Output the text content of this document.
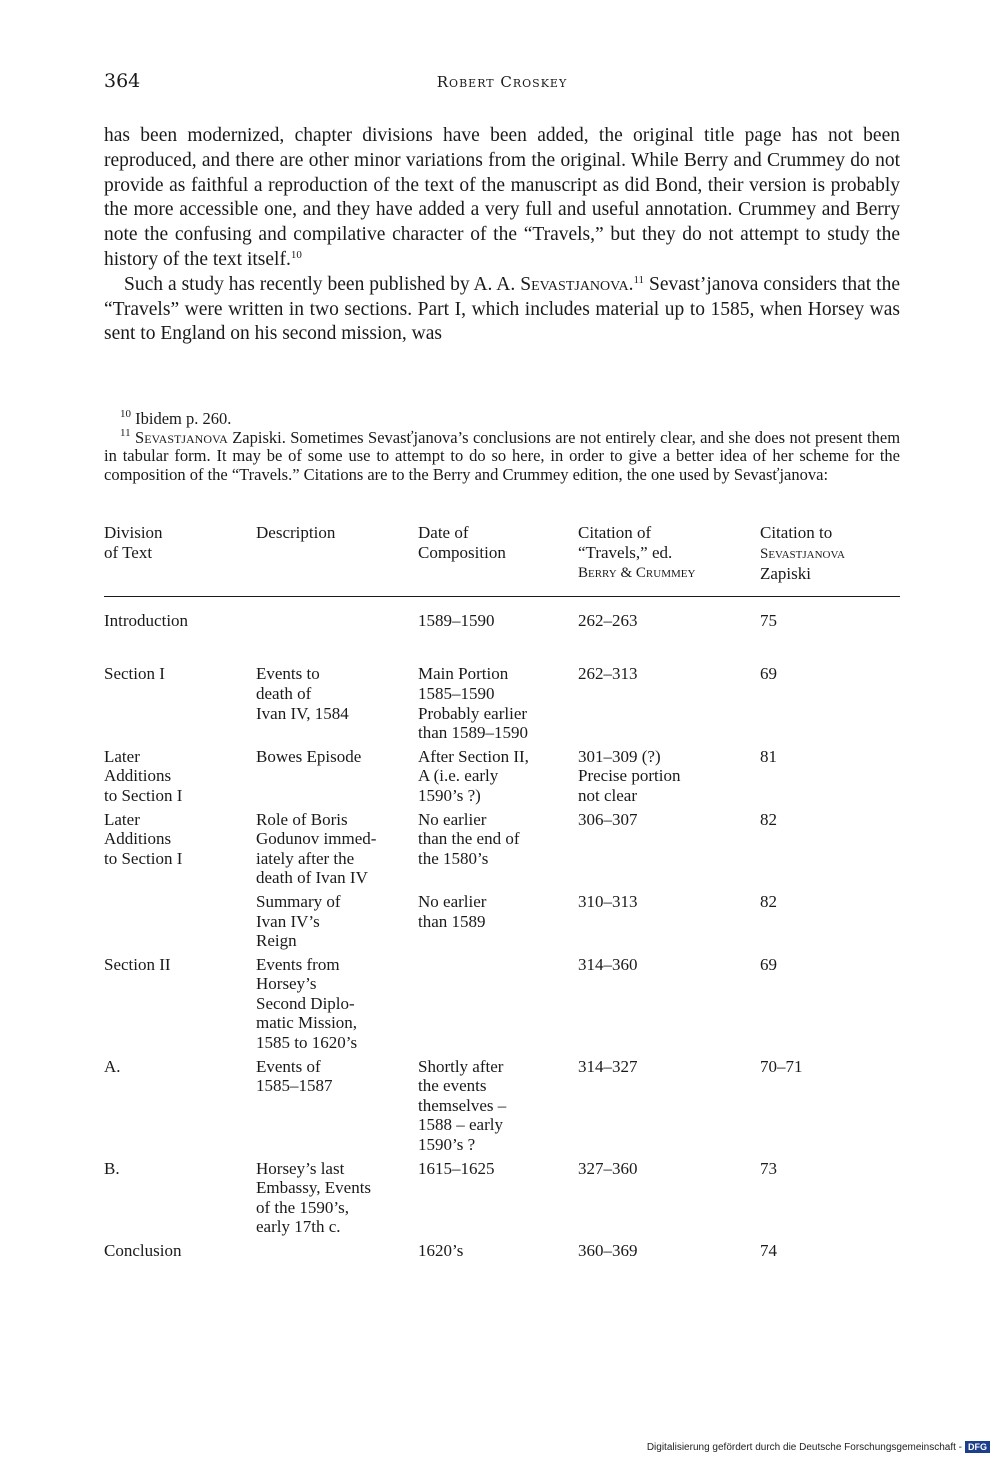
364	Robert Croskey

has been modernized, chapter divisions have been added, the original title page has not been reproduced, and there are other minor variations from the original. While Berry and Crummey do not provide as faithful a reproduction of the text of the manuscript as did Bond, their version is probably the more accessible one, and they have added a very full and useful annotation. Crummey and Berry note the confusing and compilative character of the “Travels,” but they do not attempt to study the history of the text itself.$^{10}$

Such a study has recently been published by A. A. Sevastjanova.$^{11}$ Sevast’janova considers that the “Travels” were written in two sections. Part I, which includes material up to 1585, when Horsey was sent to England on his second mission, was

$^{10}$ Ibidem p. 260.

$^{11}$ Sevastjanova Zapiski. Sometimes Sevasťjanova’s conclusions are not entirely clear, and she does not present them in tabular form. It may be of some use to attempt to do so here, in order to give a better idea of her scheme for the composition of the “Travels.” Citations are to the Berry and Crummey edition, the one used by Sevasťjanova:

Division
of Text	Description	Date of
Composition	Citation of
“Travels,” ed.
Berry & Crummey	Citation to
Sevastjanova
Zapiski
Introduction		1589–1590	262–263	75
Section I	Events to
death of
Ivan IV, 1584	Main Portion
1585–1590
Probably earlier
than 1589–1590	262–313	69
Later
Additions
to Section I	Bowes Episode	After Section II,
A (i.e. early
1590’s ?)	301–309 (?)
Precise portion
not clear	81
Later
Additions
to Section I	Role of Boris
Godunov immed-
iately after the
death of Ivan IV	No earlier
than the end of
the 1580’s	306–307	82
	Summary of
Ivan IV’s
Reign	No earlier
than 1589	310–313	82
Section II	Events from
Horsey’s
Second Diplo-
matic Mission,
1585 to 1620’s		314–360	69
A.	Events of
1585–1587	Shortly after
the events
themselves –
1588 – early
1590’s ?	314–327	70–71
B.	Horsey’s last
Embassy, Events
of the 1590’s,
early 17th c.	1615–1625	327–360	73
Conclusion		1620’s	360–369	74
Digitalisierung gefördert durch die Deutsche Forschungsgemeinschaft - DFG
